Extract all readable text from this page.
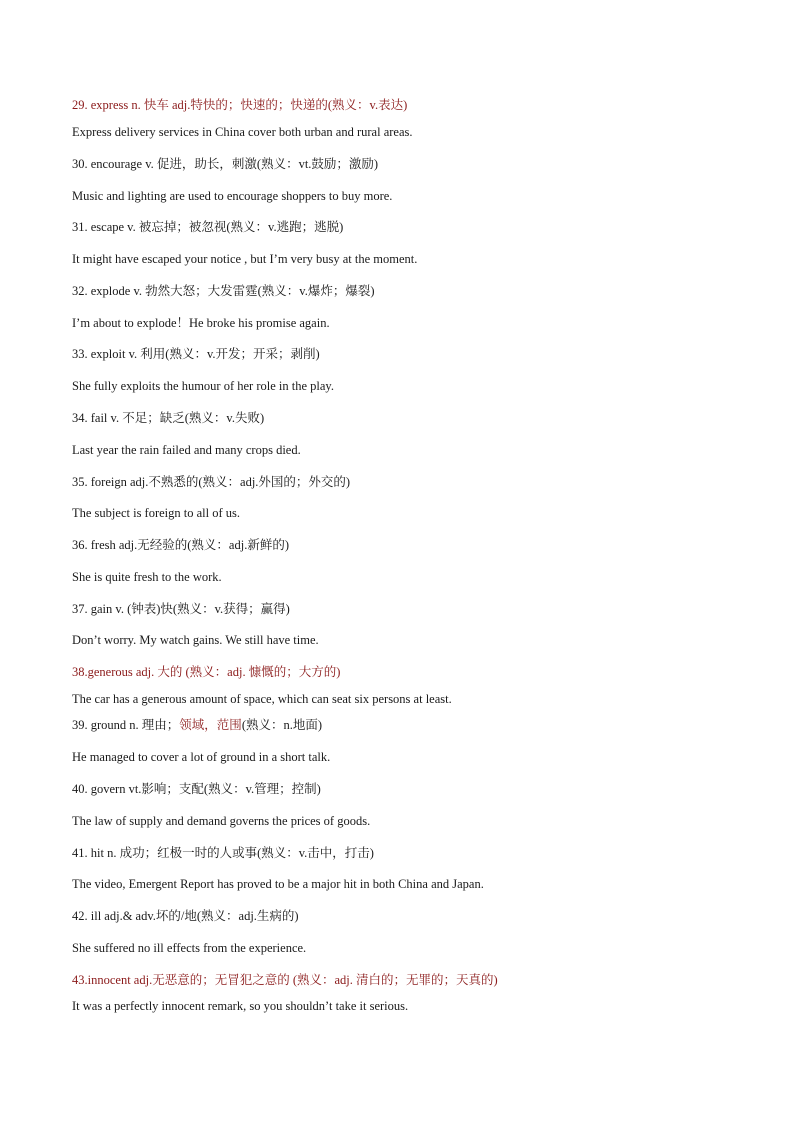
29. express n. 快车 adj.特快的；快速的；快递的(熟义：v.表达)
Express delivery services in China cover both urban and rural areas.
30. encourage v. 促进，助长，刺激(熟义：vt.鼓励；激励)
Music and lighting are used to encourage shoppers to buy more.
31. escape v. 被忘掉；被忽视(熟义：v.逃跑；逃脱)
It might have escaped your notice , but I’m very busy at the moment.
32. explode v. 勃然大怒；大发雷霆(熟义：v.爆炸；爆裂)
I’m about to explode！He broke his promise again.
33. exploit v. 利用(熟义：v.开发；开采；剥削)
She fully exploits the humour of her role in the play.
34. fail v. 不足；缺乏(熟义：v.失败)
Last year the rain failed and many crops died.
35. foreign adj.不熟悉的(熟义：adj.外国的；外交的)
The subject is foreign to all of us.
36. fresh adj.无经验的(熟义：adj.新鲜的)
She is quite fresh to the work.
37. gain v. (钟表)快(熟义：v.获得；赢得)
Don’t worry. My watch gains. We still have time.
38.generous adj. 大的 (熟义：adj. 慷慨的；大方的)
The car has a generous amount of space, which can seat six persons at least.
39. ground n. 理由；领域，范围(熟义：n.地面)
He managed to cover a lot of ground in a short talk.
40. govern vt.影响；支配(熟义：v.管理；控制)
The law of supply and demand governs the prices of goods.
41. hit n. 成功；红极一时的人或事(熟义：v.击中，打击)
The video, Emergent Report has proved to be a major hit in both China and Japan.
42. ill adj.& adv.坏的/地(熟义：adj.生病的)
She suffered no ill effects from the experience.
43.innocent adj.无恶意的；无冒犯之意的 (熟义：adj. 清白的；无罪的；天真的)
It was a perfectly innocent remark, so you shouldn’t take it serious.
